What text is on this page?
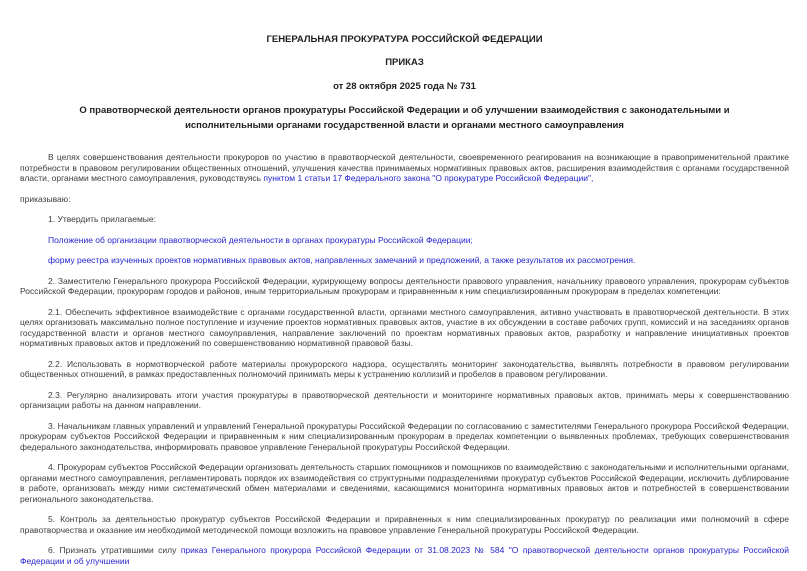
ГЕНЕРАЛЬНАЯ ПРОКУРАТУРА РОССИЙСКОЙ ФЕДЕРАЦИИ
ПРИКАЗ
от 28 октября 2025 года № 731
О правотворческой деятельности органов прокуратуры Российской Федерации и об улучшении взаимодействия с законодательными и исполнительными органами государственной власти и органами местного самоуправления

В целях совершенствования деятельности прокуроров по участию в правотворческой деятельности, своевременного реагирования на возникающие в правоприменительной практике потребности в правовом регулировании общественных отношений, улучшения качества принимаемых нормативных правовых актов, расширения взаимодействия с органами государственной власти, органами местного самоуправления, руководствуясь пунктом 1 статьи 17 Федерального закона "О прокуратуре Российской Федерации",

приказываю:

1. Утвердить прилагаемые:

Положение об организации правотворческой деятельности в органах прокуратуры Российской Федерации;

форму реестра изученных проектов нормативных правовых актов, направленных замечаний и предложений, а также результатов их рассмотрения.

2. Заместителю Генерального прокурора Российской Федерации, курирующему вопросы деятельности правового управления, начальнику правового управления, прокурорам субъектов Российской Федерации, прокурорам городов и районов, иным территориальным прокурорам и приравненным к ним специализированным прокурорам в пределах компетенции:

2.1. Обеспечить эффективное взаимодействие с органами государственной власти, органами местного самоуправления, активно участвовать в правотворческой деятельности. В этих целях организовать максимально полное поступление и изучение проектов нормативных правовых актов, участие в их обсуждении в составе рабочих групп, комиссий и на заседаниях органов государственной власти и органов местного самоуправления, направление заключений по проектам нормативных правовых актов, разработку и направление инициативных проектов нормативных правовых актов и предложений по совершенствованию нормативной правовой базы.

2.2. Использовать в нормотворческой работе материалы прокурорского надзора, осуществлять мониторинг законодательства, выявлять потребности в правовом регулировании общественных отношений, в рамках предоставленных полномочий принимать меры к устранению коллизий и пробелов в правовом регулировании.

2.3. Регулярно анализировать итоги участия прокуратуры в правотворческой деятельности и мониторинге нормативных правовых актов, принимать меры к совершенствованию организации работы на данном направлении.

3. Начальникам главных управлений и управлений Генеральной прокуратуры Российской Федерации по согласованию с заместителями Генерального прокурора Российской Федерации, прокурорам субъектов Российской Федерации и приравненным к ним специализированным прокурорам в пределах компетенции о выявленных проблемах, требующих совершенствования федерального законодательства, информировать правовое управление Генеральной прокуратуры Российской Федерации.

4. Прокурорам субъектов Российской Федерации организовать деятельность старших помощников и помощников по взаимодействию с законодательными и исполнительными органами, органами местного самоуправления, регламентировать порядок их взаимодействия со структурными подразделениями прокуратур субъектов Российской Федерации, исключить дублирование в работе, организовать между ними систематический обмен материалами и сведениями, касающимися мониторинга нормативных правовых актов и потребностей в совершенствовании регионального законодательства.

5. Контроль за деятельностью прокуратур субъектов Российской Федерации и приравненных к ним специализированных прокуратур по реализации ими полномочий в сфере правотворчества и оказание им необходимой методической помощи возложить на правовое управление Генеральной прокуратуры Российской Федерации.

6. Признать утратившими силу приказ Генерального прокурора Российской Федерации от 31.08.2023 № 584 "О правотворческой деятельности органов прокуратуры Российской Федерации и об улучшении
